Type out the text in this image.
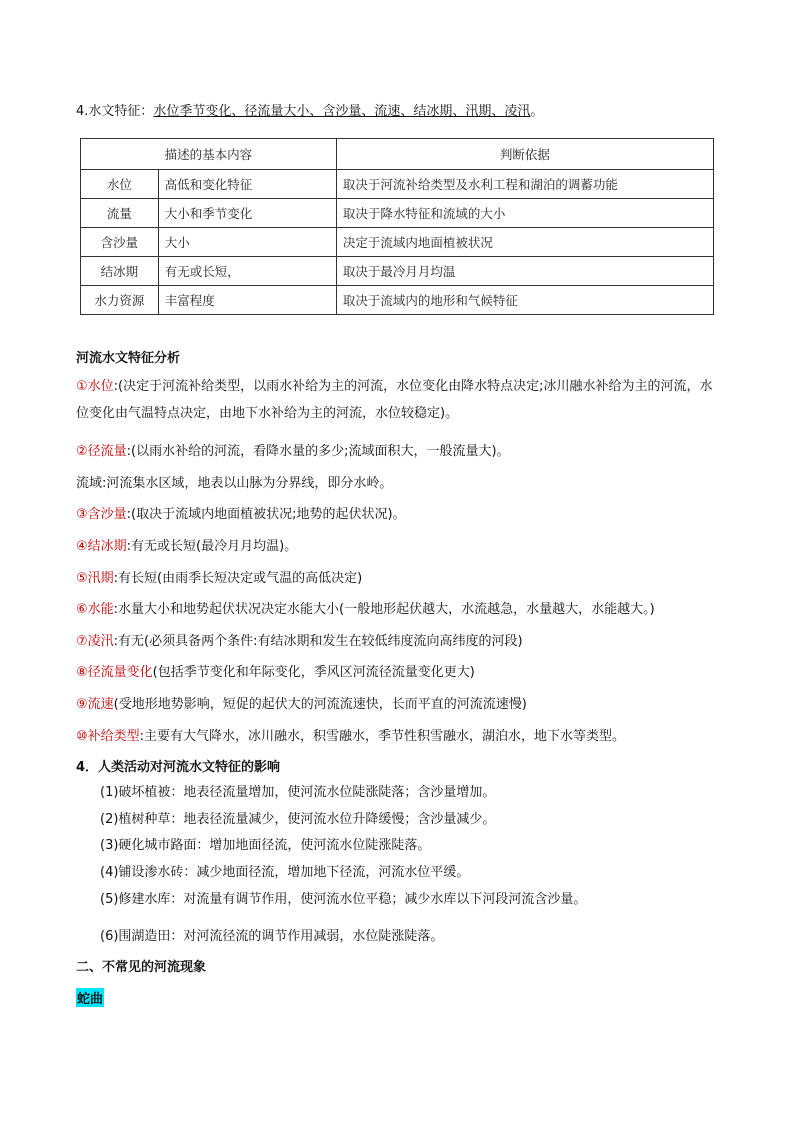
4.水文特征：水位季节变化、径流量大小、含沙量、流速、结冰期、汛期、凌汛。
描述的基本内容		判断依据
水位	高低和变化特征	取决于河流补给类型及水利工程和湖泊的调蓄功能
流量	大小和季节变化	取决于降水特征和流域的大小
含沙量	大小	决定于流域内地面植被状况
结冰期	有无或长短，	取决于最冷月月均温
水力资源	丰富程度	取决于流域内的地形和气候特征
河流水文特征分析
①水位:(决定于河流补给类型，以雨水补给为主的河流，水位变化由降水特点决定;冰川融水补给为主的河流，水位变化由气温特点决定，由地下水补给为主的河流，水位较稳定)。
②径流量:(以雨水补给的河流，看降水量的多少;流域面积大，一般流量大)。
流域:河流集水区域，地表以山脉为分界线，即分水岭。
③含沙量:(取决于流域内地面植被状况;地势的起伏状况)。
④结冰期:有无或长短(最冷月月均温)。
⑤汛期:有长短(由雨季长短决定或气温的高低决定)
⑥水能:水量大小和地势起伏状况决定水能大小(一般地形起伏越大，水流越急，水量越大，水能越大。)
⑦凌汛:有无(必须具备两个条件:有结冰期和发生在较低纬度流向高纬度的河段)
⑧径流量变化(包括季节变化和年际变化，季风区河流径流量变化更大)
⑨流速(受地形地势影响，短促的起伏大的河流流速快，长而平直的河流流速慢)
⑩补给类型:主要有大气降水，冰川融水，积雪融水，季节性积雪融水，湖泊水，地下水等类型。
4．人类活动对河流水文特征的影响
(1)破坏植被：地表径流量增加，使河流水位陡涨陡落；含沙量增加。
(2)植树种草：地表径流量减少，使河流水位升降缓慢；含沙量减少。
(3)硬化城市路面：增加地面径流，使河流水位陡涨陡落。
(4)铺设渗水砖：减少地面径流，增加地下径流，河流水位平缓。
(5)修建水库：对流量有调节作用，使河流水位平稳；减少水库以下河段河流含沙量。
(6)围湖造田：对河流径流的调节作用减弱，水位陡涨陡落。
二、不常见的河流现象
蛇曲
